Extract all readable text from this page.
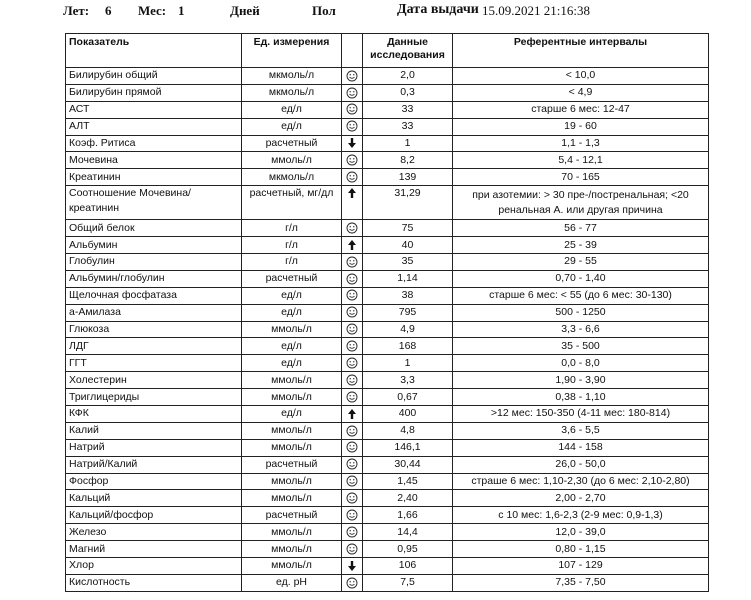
Лет: 6 Мес: 1	Дней	Пол	Дата выдачи 15.09.2021 21:16:38
Показатель	Ед. измерения		Данные исследования	Референтные интервалы
Билирубин общий	мкмоль/л		2,0	< 10,0
Билирубин прямой	мкмоль/л		0,3	< 4,9
АСТ	ед/л		33	старше 6 мес: 12-47
АЛТ	ед/л		33	19 - 60
Коэф. Ритиса	расчетный		1	1,1 - 1,3
Мочевина	ммоль/л		8,2	5,4 - 12,1
Креатинин	мкмоль/л		139	70 - 165
Соотношение Мочевина/креатинин	расчетный, мг/дл		31,29	при азотемии: > 30 пре-/постренальная; <20 ренальная А. или другая причина
Общий белок	г/л		75	56 - 77
Альбумин	г/л		40	25 - 39
Глобулин	г/л		35	29 - 55
Альбумин/глобулин	расчетный		1,14	0,70 - 1,40
Щелочная фосфатаза	ед/л		38	старше 6 мес: < 55 (до 6 мес: 30-130)
а-Амилаза	ед/л		795	500 - 1250
Глюкоза	ммоль/л		4,9	3,3 - 6,6
ЛДГ	ед/л		168	35 - 500
ГГТ	ед/л		1	0,0 - 8,0
Холестерин	ммоль/л		3,3	1,90 - 3,90
Триглицериды	ммоль/л		0,67	0,38 - 1,10
КФК	ед/л		400	>12 мес: 150-350 (4-11 мес: 180-814)
Калий	ммоль/л		4,8	3,6 - 5,5
Натрий	ммоль/л		146,1	144 - 158
Натрий/Калий	расчетный		30,44	26,0 - 50,0
Фосфор	ммоль/л		1,45	страше 6 мес: 1,10-2,30 (до 6 мес: 2,10-2,80)
Кальций	ммоль/л		2,40	2,00 - 2,70
Кальций/фосфор	расчетный		1,66	с 10 мес: 1,6-2,3 (2-9 мес: 0,9-1,3)
Железо	ммоль/л		14,4	12,0 - 39,0
Магний	ммоль/л		0,95	0,80 - 1,15
Хлор	ммоль/л		106	107 - 129
Кислотность	ед. pH		7,5	7,35 - 7,50
